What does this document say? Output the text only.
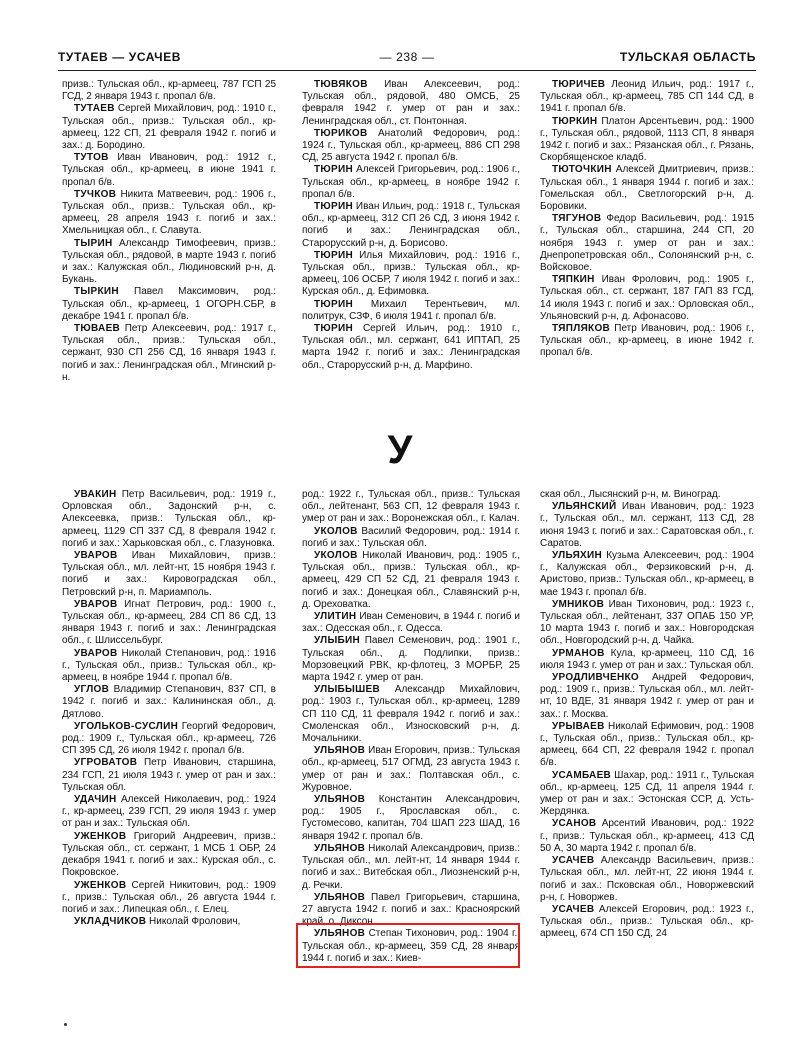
ТУТАЕВ — УСАЧЕВ	— 238 —	ТУЛЬСКАЯ ОБЛАСТЬ
призв.: Тульская обл., кр-армеец, 787 ГСП 25 ГСД, 2 января 1943 г. пропал б/в.
ТУТАЕВ Сергей Михайлович, род.: 1910 г., Тульская обл., призв.: Тульская обл., кр-армеец, 122 СП, 21 февраля 1942 г. погиб и зах.: д. Бородино.
ТУТОВ Иван Иванович, род.: 1912 г., Тульская обл., кр-армеец, в июне 1941 г. пропал б/в.
ТУЧКОВ Никита Матвеевич, род.: 1906 г., Тульская обл., призв.: Тульская обл., кр-армеец, 28 апреля 1943 г. погиб и зах.: Хмельницкая обл., г. Славута.
ТЫРИН Александр Тимофеевич, призв.: Тульская обл., рядовой, в марте 1943 г. погиб и зах.: Калужская обл., Людиновский р-н, д. Букань.
ТЫРКИН Павел Максимович, род.: Тульская обл., кр-армеец, 1 ОГОРН.СБР, в декабре 1941 г. пропал б/в.
ТЮВАЕВ Петр Алексеевич, род.: 1917 г., Тульская обл., призв.: Тульская обл., сержант, 930 СП 256 СД, 16 января 1943 г. погиб и зах.: Ленинградская обл., Мгинский р-н.
ТЮВЯКОВ Иван Алексеевич, род.: Тульская обл., рядовой, 480 ОМСБ, 25 февраля 1942 г. умер от ран и зах.: Ленинградская обл., ст. Понтонная.
ТЮРИКОВ Анатолий Федорович, род.: 1924 г., Тульская обл., кр-армеец, 886 СП 298 СД, 25 августа 1942 г. пропал б/в.
ТЮРИН Алексей Григорьевич, род.: 1906 г., Тульская обл., кр-армеец, в ноябре 1942 г. пропал б/в.
ТЮРИН Иван Ильич, род.: 1918 г., Тульская обл., кр-армеец, 312 СП 26 СД, 3 июня 1942 г. погиб и зах.: Ленинградская обл., Старорусский р-н, д. Борисово.
ТЮРИН Илья Михайлович, род.: 1916 г., Тульская обл., призв.: Тульская обл., кр-армеец, 106 ОСБР, 7 июля 1942 г. погиб и зах.: Курская обл., д. Ефимовка.
ТЮРИН Михаил Терентьевич, мл. политрук, СЗФ, 6 июля 1941 г. пропал б/в.
ТЮРИН Сергей Ильич, род.: 1910 г., Тульская обл., мл. сержант, 641 ИПТАП, 25 марта 1942 г. погиб и зах.: Ленинградская обл., Старорусский р-н, д. Марфино.
ТЮРИЧЕВ Леонид Ильич, род.: 1917 г., Тульская обл., кр-армеец, 785 СП 144 СД, в 1941 г. пропал б/в.
ТЮРКИН Платон Арсентьевич, род.: 1900 г., Тульская обл., рядовой, 1113 СП, 8 января 1942 г. погиб и зах.: Рязанская обл., г. Рязань, Скорбященское кладб.
ТЮТОЧКИН Алексей Дмитриевич, призв.: Тульская обл., 1 января 1944 г. погиб и зах.: Гомельская обл., Светлогорский р-н, д. Боровики.
ТЯГУНОВ Федор Васильевич, род.: 1915 г., Тульская обл., старшина, 244 СП, 20 ноября 1943 г. умер от ран и зах.: Днепропетровская обл., Солонянский р-н, с. Войсковое.
ТЯПКИН Иван Фролович, род.: 1905 г., Тульская обл., ст. сержант, 187 ГАП 83 ГСД, 14 июля 1943 г. погиб и зах.: Орловская обл., Ульяновский р-н, д. Афонасово.
ТЯПЛЯКОВ Петр Иванович, род.: 1906 г., Тульская обл., кр-армеец, в июне 1942 г. пропал б/в.
У
УВАКИН Петр Васильевич, род.: 1919 г., Орловская обл., Задонский р-н, с. Алексеевка, призв.: Тульская обл., кр-армеец, 1129 СП 337 СД, 8 февраля 1942 г. погиб и зах.: Харьковская обл., с. Глазуновка.
УВАРОВ Иван Михайлович, призв.: Тульская обл., мл. лейт-нт, 15 ноября 1943 г. погиб и зах.: Кировоградская обл., Петровский р-н, п. Мариамполь.
УВАРОВ Игнат Петрович, род.: 1900 г., Тульская обл., кр-армеец, 284 СП 86 СД, 13 января 1943 г. погиб и зах.: Ленинградская обл., г. Шлиссельбург.
УВАРОВ Николай Степанович, род.: 1916 г., Тульская обл., призв.: Тульская обл., кр-армеец, в ноябре 1944 г. пропал б/в.
УГЛОВ Владимир Степанович, 837 СП, в 1942 г. погиб и зах.: Калининская обл., д. Дятлово.
УГОЛЬКОВ-СУСЛИН Георгий Федорович, род.: 1909 г., Тульская обл., кр-армеец, 726 СП 395 СД, 26 июля 1942 г. пропал б/в.
УГРОВАТОВ Петр Иванович, старшина, 234 ГСП, 21 июля 1943 г. умер от ран и зах.: Тульская обл.
УДАЧИН Алексей Николаевич, род.: 1924 г., кр-армеец, 239 ГСП, 29 июля 1943 г. умер от ран и зах.: Тульская обл.
УЖЕНКОВ Григорий Андреевич, призв.: Тульская обл., ст. сержант, 1 МСБ 1 ОБР, 24 декабря 1941 г. погиб и зах.: Курская обл., с. Покровское.
УЖЕНКОВ Сергей Никитович, род.: 1909 г., призв.: Тульская обл., 26 августа 1944 г. погиб и зах.: Липецкая обл., г. Елец.
УКЛАДЧИКОВ Николай Фролович,
род.: 1922 г., Тульская обл., призв.: Тульская обл., лейтенант, 563 СП, 12 февраля 1943 г. умер от ран и зах.: Воронежская обл., г. Калач.
УКОЛОВ Василий Федорович, род.: 1914 г. погиб и зах.: Тульская обл.
УКОЛОВ Николай Иванович, род.: 1905 г., Тульская обл., призв.: Тульская обл., кр-армеец, 429 СП 52 СД, 21 февраля 1943 г. погиб и зах.: Донецкая обл., Славянский р-н, д. Ореховатка.
УЛИТИН Иван Семенович, в 1944 г. погиб и зах.: Одесская обл., г. Одесса.
УЛЫБИН Павел Семенович, род.: 1901 г., Тульская обл., д. Подлипки, призв.: Морзовецкий РВК, кр-флотец, 3 МОРБР, 25 марта 1942 г. умер от ран.
УЛЫБЫШЕВ Александр Михайлович, род.: 1903 г., Тульская обл., кр-армеец, 1289 СП 110 СД, 11 февраля 1942 г. погиб и зах.: Смоленская обл., Износковский р-н, д. Мочальники.
УЛЬЯНОВ Иван Егорович, призв.: Тульская обл., кр-армеец, 517 ОГМД, 23 августа 1943 г. умер от ран и зах.: Полтавская обл., с. Журовное.
УЛЬЯНОВ Константин Александрович, род.: 1905 г., Ярославская обл., с. Густомесово, капитан, 704 ШАП 223 ШАД, 16 января 1942 г. пропал б/в.
УЛЬЯНОВ Николай Александрович, призв.: Тульская обл., мл. лейт-нт, 14 января 1944 г. погиб и зах.: Витебская обл., Лиозненский р-н, д. Речки.
УЛЬЯНОВ Павел Григорьевич, старшина, 27 августа 1942 г. погиб и зах.: Красноярский край, о. Диксон.
УЛЬЯНОВ Степан Тихонович, род.: 1904 г., Тульская обл., кр-армеец, 359 СД, 28 января 1944 г. погиб и зах.: Киев-
ская обл., Лысянский р-н, м. Виноград.
УЛЬЯНСКИЙ Иван Иванович, род.: 1923 г., Тульская обл., мл. сержант, 113 СД, 28 июня 1943 г. погиб и зах.: Саратовская обл., г. Саратов.
УЛЬЯХИН Кузьма Алексеевич, род.: 1904 г., Калужская обл., Ферзиковский р-н, д. Аристово, призв.: Тульская обл., кр-армеец, в мае 1943 г. пропал б/в.
УМНИКОВ Иван Тихонович, род.: 1923 г., Тульская обл., лейтенант, 337 ОПАБ 150 УР, 10 марта 1943 г. погиб и зах.: Новгородская обл., Новгородский р-н, д. Чайка.
УРМАНОВ Кула, кр-армеец, 110 СД, 16 июля 1943 г. умер от ран и зах.: Тульская обл.
УРОДЛИВЧЕНКО Андрей Федорович, род.: 1909 г., призв.: Тульская обл., мл. лейт-нт, 10 ВДЕ, 31 января 1942 г. умер от ран и зах.: г. Москва.
УРЫВАЕВ Николай Ефимович, род.: 1908 г., Тульская обл., призв.: Тульская обл., кр-армеец, 664 СП, 22 февраля 1942 г. пропал б/в.
УСАМБАЕВ Шахар, род.: 1911 г., Тульская обл., кр-армеец, 125 СД, 11 апреля 1944 г. умер от ран и зах.: Эстонская ССР, д. Усть-Жердянка.
УСАНОВ Арсентий Иванович, род.: 1922 г., призв.: Тульская обл., кр-армеец, 413 СД 50 А, 30 марта 1942 г. пропал б/в.
УСАЧЕВ Александр Васильевич, призв.: Тульская обл., мл. лейт-нт, 22 июня 1944 г. погиб и зах.: Псковская обл., Новоржевский р-н, г. Новоржев.
УСАЧЕВ Алексей Егорович, род.: 1923 г., Тульская обл., призв.: Тульская обл., кр-армеец, 674 СП 150 СД, 24
